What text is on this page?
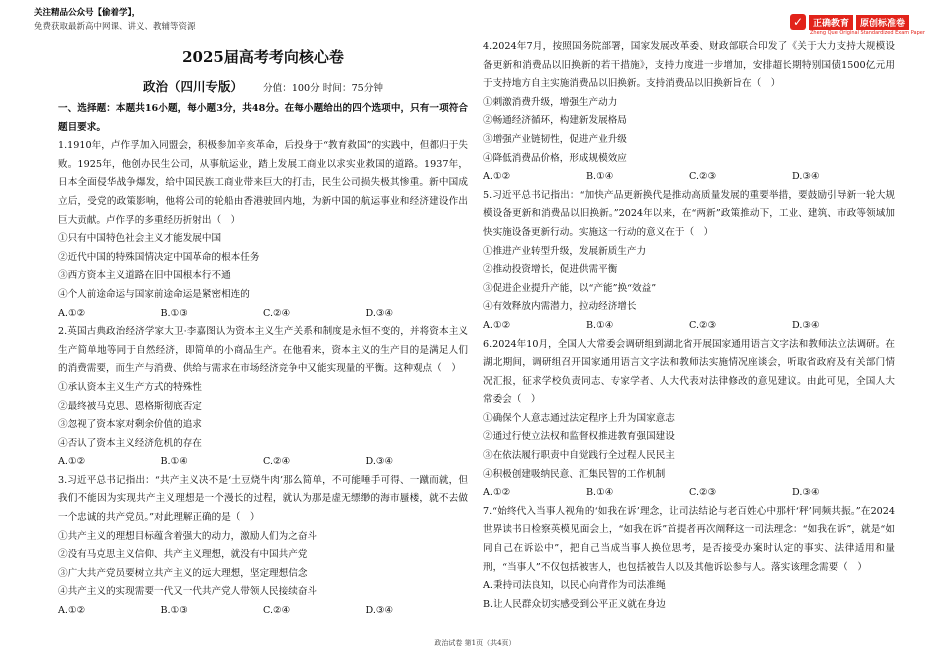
关注精品公众号【偷着学】，
免费获取最新高中网课、讲义、教辅等资源	✓	正确教育	原创标准卷
Zheng Que Original Standardized Exam Paper
2025届高考考向核心卷
政治（四川专版） 分值：100分 时间：75分钟

一、选择题：本题共16小题，每小题3分，共48分。在每小题给出的四个选项中，只有一项符合题目要求。

1.1910年，卢作孚加入同盟会，积极参加辛亥革命，后投身于“教育救国”的实践中，但都归于失败。1925年，他创办民生公司，从事航运业，踏上发展工商业以求实业救国的道路。1937年，日本全面侵华战争爆发，给中国民族工商业带来巨大的打击，民生公司损失极其惨重。新中国成立后，受党的政策影响，他将公司的轮船由香港驶回内地，为新中国的航运事业和经济建设作出巨大贡献。卢作孚的多重经历折射出（　）

①只有中国特色社会主义才能发展中国

②近代中国的特殊国情决定中国革命的根本任务

③西方资本主义道路在旧中国根本行不通

④个人前途命运与国家前途命运是紧密相连的

A.①②	B.①③	C.②④	D.③④

2.英国古典政治经济学家大卫·李嘉图认为资本主义生产关系和制度是永恒不变的，并将资本主义生产简单地等同于自然经济，即简单的小商品生产。在他看来，资本主义的生产目的是满足人们的消费需要，而生产与消费、供给与需求在市场经济竞争中又能实现量的平衡。这种观点（　）

①承认资本主义生产方式的特殊性

②最终被马克思、恩格斯彻底否定

③忽视了资本家对剩余价值的追求

④否认了资本主义经济危机的存在

A.①②	B.①④	C.②④	D.③④

3.习近平总书记指出：“共产主义决不是‘土豆烧牛肉’那么简单，不可能唾手可得、一蹴而就，但我们不能因为实现共产主义理想是一个漫长的过程，就认为那是虚无缥缈的海市蜃楼，就不去做一个忠诚的共产党员。”对此理解正确的是（　）

①共产主义的理想目标蕴含着强大的动力，激励人们为之奋斗

②没有马克思主义信仰、共产主义理想，就没有中国共产党

③广大共产党员要树立共产主义的远大理想，坚定理想信念

④共产主义的实现需要一代又一代共产党人带领人民接续奋斗

A.①②	B.①③	C.②④	D.③④

4.2024年7月，按照国务院部署，国家发展改革委、财政部联合印发了《关于大力支持大规模设备更新和消费品以旧换新的若干措施》，支持力度进一步增加，安排超长期特别国债1500亿元用于支持地方自主实施消费品以旧换新。支持消费品以旧换新旨在（　）

①刺激消费升级，增强生产动力

②畅通经济循环，构建新发展格局

③增强产业链韧性，促进产业升级

④降低消费品价格，形成规模效应

A.①②	B.①④	C.②③	D.③④

5.习近平总书记指出：“加快产品更新换代是推动高质量发展的重要举措，要鼓励引导新一轮大规模设备更新和消费品以旧换新。”2024年以来，在“两新”政策推动下，工业、建筑、市政等领域加快实施设备更新行动。实施这一行动的意义在于（　）

①推进产业转型升级，发展新质生产力

②推动投资增长，促进供需平衡

③促进企业提升产能，以“产能”换“效益”

④有效释放内需潜力，拉动经济增长

A.①②	B.①④	C.②③	D.③④

6.2024年10月，全国人大常委会调研组到湖北省开展国家通用语言文字法和教师法立法调研。在湖北期间，调研组召开国家通用语言文字法和教师法实施情况座谈会，听取省政府及有关部门情况汇报，征求学校负责同志、专家学者、人大代表对法律修改的意见建议。由此可见，全国人大常委会（　）

①确保个人意志通过法定程序上升为国家意志

②通过行使立法权和监督权推进教育强国建设

③在依法履行职责中自觉践行全过程人民民主

④积极创建吸纳民意、汇集民智的工作机制

A.①②	B.①④	C.②③	D.③④

7.“始终代入当事人视角的‘如我在诉’理念，让司法结论与老百姓心中那杆‘秤’同频共振。”在2024世界读书日检察英模见面会上，“如我在诉”首提者再次阐释这一司法理念：“如我在诉”，就是“如同自己在诉讼中”，把自己当成当事人换位思考，是否接受办案时认定的事实、法律适用和量刑，“当事人”不仅包括被害人，也包括被告人以及其他诉讼参与人。落实该理念需要（　）

A.秉持司法良知，以民心向背作为司法准绳

B.让人民群众切实感受到公平正义就在身边

政治试卷 第1页（共4页）
